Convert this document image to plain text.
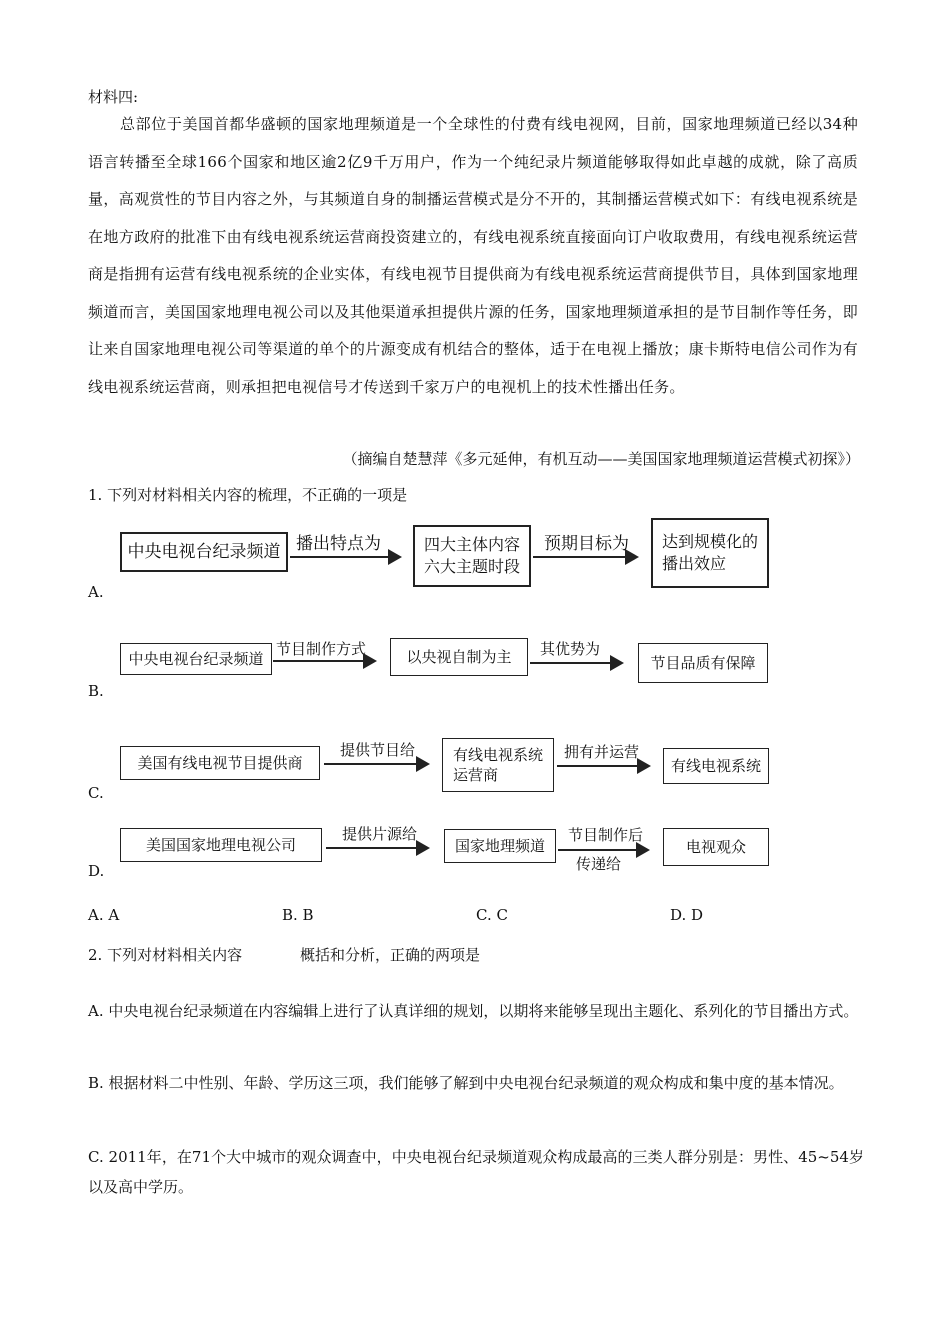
材料四:
总部位于美国首都华盛顿的国家地理频道是一个全球性的付费有线电视网，目前，国家地理频道已经以34种语言转播至全球166个国家和地区逾2亿9千万用户，作为一个纯纪录片频道能够取得如此卓越的成就，除了高质量，高观赏性的节目内容之外，与其频道自身的制播运营模式是分不开的，其制播运营模式如下：有线电视系统是在地方政府的批准下由有线电视系统运营商投资建立的，有线电视系统直接面向订户收取费用，有线电视系统运营商是指拥有运营有线电视系统的企业实体，有线电视节目提供商为有线电视系统运营商提供节目，具体到国家地理频道而言，美国国家地理电视公司以及其他渠道承担提供片源的任务，国家地理频道承担的是节目制作等任务，即让来自国家地理电视公司等渠道的单个的片源变成有机结合的整体，适于在电视上播放；康卡斯特电信公司作为有线电视系统运营商，则承担把电视信号才传送到千家万户的电视机上的技术性播出任务。
（摘编自楚慧萍《多元延伸，有机互动——美国国家地理频道运营模式初探》）
1. 下列对材料相关内容的梳理，不正确的一项是
中央电视台纪录频道 播出特点为	四大主体内容
六大主题时段
预期目标为	达到规模化的
播出效应
A.
中央电视台纪录频道
节目制作方式	以央视自制为主	其优势为
节目品质有保障
B.
美国有线电视节目提供商
提供节目给	有线电视系统
运营商
拥有并运营
有线电视系统
C.
美国国家地理电视公司
提供片源给
国家地理频道
节目制作后
传递给
电视观众
D.
A. A	B. B	C. C	D. D
2. 下列对材料相关内容	概括和分析，正确的两项是
A. 中央电视台纪录频道在内容编辑上进行了认真详细的规划，以期将来能够呈现出主题化、系列化的节目播出方式。
B. 根据材料二中性别、年龄、学历这三项，我们能够了解到中央电视台纪录频道的观众构成和集中度的基本情况。
C. 2011年，在71个大中城市的观众调查中，中央电视台纪录频道观众构成最高的三类人群分别是：男性、45~54岁以及高中学历。
